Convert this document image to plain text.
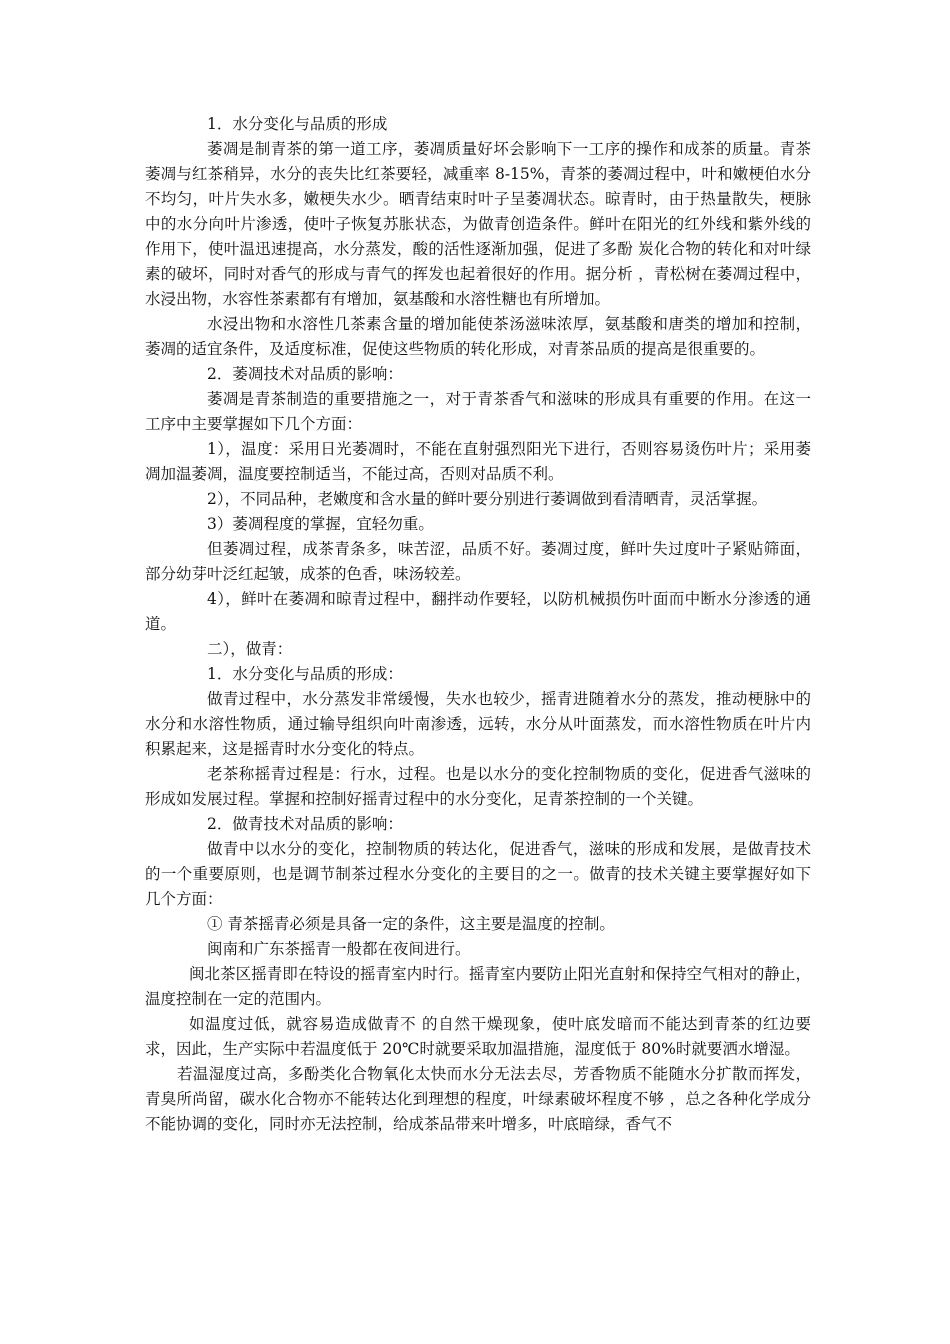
1．水分变化与品质的形成

萎凋是制青茶的第一道工序，萎凋质量好坏会影响下一工序的操作和成茶的质量。青茶萎凋与红茶稍异，水分的丧失比红茶要轻，减重率 8-15%，青茶的萎凋过程中，叶和嫩梗伯水分不均匀，叶片失水多，嫩梗失水少。晒青结束时叶子呈萎凋状态。晾青时，由于热量散失，梗脉中的水分向叶片渗透，使叶子恢复苏胀状态，为做青创造条件。鲜叶在阳光的红外线和紫外线的作用下，使叶温迅速提高，水分蒸发，酸的活性逐渐加强，促进了多酚 炭化合物的转化和对叶绿素的破坏，同时对香气的形成与青气的挥发也起着很好的作用。据分析 ，青松树在萎凋过程中，水浸出物，水容性茶素都有有增加，氨基酸和水溶性糖也有所增加。

水浸出物和水溶性几茶素含量的增加能使茶汤滋味浓厚，氨基酸和唐类的增加和控制，萎凋的适宜条件，及适度标准，促使这些物质的转化形成，对青茶品质的提高是很重要的。

2．萎凋技术对品质的影响：

萎凋是青茶制造的重要措施之一，对于青茶香气和滋味的形成具有重要的作用。在这一工序中主要掌握如下几个方面：

1），温度：采用日光萎凋时，不能在直射强烈阳光下进行，否则容易烫伤叶片；采用萎凋加温萎凋，温度要控制适当，不能过高，否则对品质不利。

2），不同品种，老嫩度和含水量的鲜叶要分别进行萎调做到看清晒青，灵活掌握。

3）萎凋程度的掌握，宜轻勿重。

但萎凋过程，成茶青条多，味苦涩，品质不好。萎凋过度，鲜叶失过度叶子紧贴筛面，部分幼芽叶泛红起皱，成茶的色香，味汤较差。

4），鲜叶在萎凋和晾青过程中，翻拌动作要轻，以防机械损伤叶面而中断水分渗透的通道。

二），做青：

1．水分变化与品质的形成：

做青过程中，水分蒸发非常缓慢，失水也较少，摇青进随着水分的蒸发，推动梗脉中的水分和水溶性物质，通过输导组织向叶南渗透，远转，水分从叶面蒸发，而水溶性物质在叶片内积累起来，这是摇青时水分变化的特点。

老茶称摇青过程是：行水，过程。也是以水分的变化控制物质的变化，促进香气滋味的形成如发展过程。掌握和控制好摇青过程中的水分变化，足青茶控制的一个关键。

2．做青技术对品质的影响：

做青中以水分的变化，控制物质的转达化，促进香气，滋味的形成和发展，是做青技术的一个重要原则，也是调节制茶过程水分变化的主要目的之一。做青的技术关键主要掌握好如下几个方面：

① 青茶摇青必须是具备一定的条件，这主要是温度的控制。

闽南和广东茶摇青一般都在夜间进行。

闽北茶区摇青即在特设的摇青室内时行。摇青室内要防止阳光直射和保持空气相对的静止，温度控制在一定的范围内。

如温度过低，就容易造成做青不 的自然干燥现象，使叶底发暗而不能达到青茶的红边要求，因此，生产实际中若温度低于 20℃时就要采取加温措施，湿度低于 80%时就要洒水增湿。

若温湿度过高，多酚类化合物氧化太快而水分无法去尽，芳香物质不能随水分扩散而挥发，青臭所尚留，碳水化合物亦不能转达化到理想的程度，叶绿素破坏程度不够 ，总之各种化学成分不能协调的变化，同时亦无法控制，给成茶品带来叶增多，叶底暗绿，香气不
